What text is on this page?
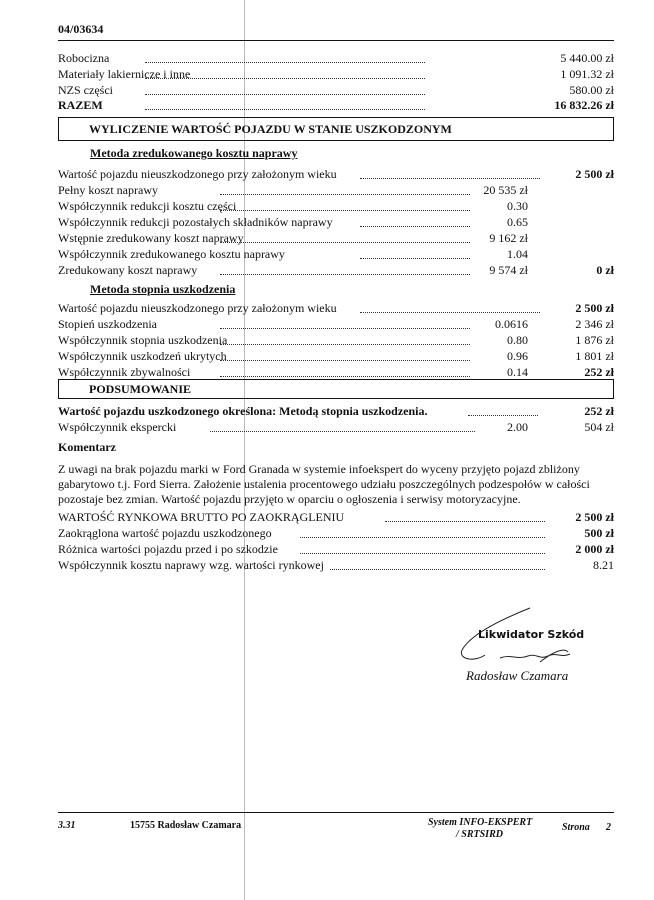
04/03634
Robocizna	5 440.00 zł
Materiały lakiernicze i inne	1 091.32 zł
NZS części	580.00 zł
RAZEM	16 832.26 zł
WYLICZENIE WARTOŚĆ POJAZDU W STANIE USZKODZONYM
Metoda zredukowanego kosztu naprawy
Wartość pojazdu nieuszkodzonego przy założonym wieku	2 500 zł
Pełny koszt naprawy	20 535 zł
Współczynnik redukcji kosztu części	0.30
Współczynnik redukcji pozostałych składników naprawy	0.65
Wstępnie zredukowany koszt naprawy	9 162 zł
Współczynnik zredukowanego kosztu naprawy	1.04
Zredukowany koszt naprawy	9 574 zł	0 zł
Metoda stopnia uszkodzenia
Wartość pojazdu nieuszkodzonego przy założonym wieku	2 500 zł
Stopień uszkodzenia	0.0616	2 346 zł
Współczynnik stopnia uszkodzenia	0.80	1 876 zł
Współczynnik uszkodzeń ukrytych	0.96	1 801 zł
Współczynnik zbywalności	0.14	252 zł
PODSUMOWANIE
Wartość pojazdu uszkodzonego określona: Metodą stopnia uszkodzenia.	252 zł
Współczynnik ekspercki	2.00	504 zł
Komentarz
Z uwagi na brak pojazdu marki w Ford Granada w systemie infoekspert do wyceny przyjęto pojazd zbliżony
gabarytowo t.j. Ford Sierra. Założenie ustalenia procentowego udziału poszczególnych podzespołów w całości
pozostaje bez zmian. Wartość pojazdu przyjęto w oparciu o ogłoszenia i serwisy motoryzacyjne.
WARTOŚĆ RYNKOWA BRUTTO PO ZAOKRĄGLENIU	2 500 zł
Zaokrąglona wartość pojazdu uszkodzonego	500 zł
Różnica wartości pojazdu przed i po szkodzie	2 000 zł
Współczynnik kosztu naprawy wzg. wartości rynkowej	8.21
Likwidator Szkód
Radosław Czamara
3.31	15755 Radosław Czamara	System INFO-EKSPERT
/ SRTSIRD
Strona 2
